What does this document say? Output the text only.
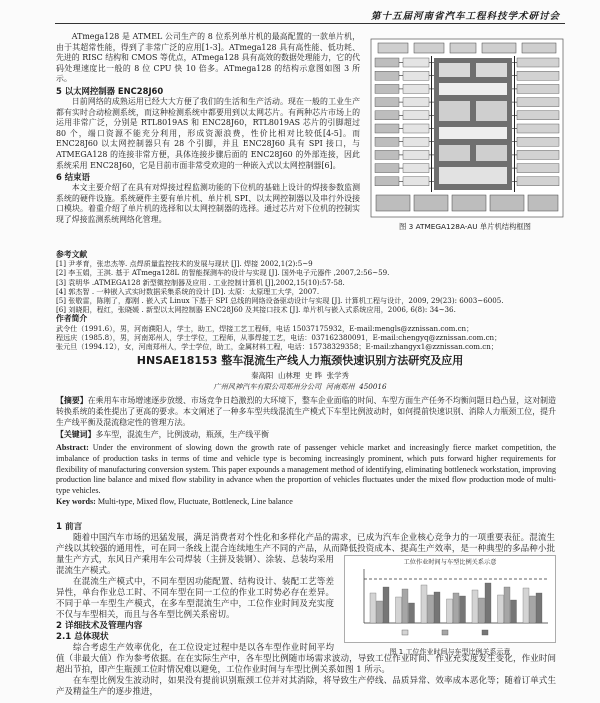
第十五届河南省汽车工程科技学术研讨会

ATmega128 是 ATMEL 公司生产的 8 位系列单片机的最高配置的一款单片机，由于其超常性能，得到了非常广泛的应用[1-3]。ATmega128 具有高性能、低功耗、先进的 RISC 结构和 CMOS 等优点，ATmega128 具有高效的数据处理能力，它的代码处理速度比一般的 8 位 CPU 快 10 倍多。ATmega128 的结构示意图如图 3 所示。

5 以太网控制器 ENC28J60

日前网络的成熟运用已经大大方便了我们的生活和生产活动。现在一般的工业生产都有实时合动检测系统，而这种检测系统中都要用到以太网芯片。有两种芯片市场上的运用非常广泛，分别是 RTL8019AS 和 ENC28J60，RTL8019AS 芯片的引脚超过 80 个，端口资源不能充分利用，形成资源浪费，性价比相对比较低[4-5]。而 ENC28J60 以太网控制器只有 28 个引脚，并且 ENC28J60 具有 SPI 接口，与 ATMEGA128 的连接非常方便，具体连接步骤后面的 ENC28J60 的外部连接，因此系统采用 ENC28J60，它是目前市面非常受欢迎的一种嵌入式以太网控制器[6]。

6 结束语

本文主要介绍了在具有对焊接过程监测功能的下位机的基础上设计的焊接参数监测系统的硬件设施。系统硬件主要有单片机、单片机 SPI、以太网控制器以及串行外设接口模块。着重介绍了单片机的选择和以太网控制器的选择。通过芯片对下位机的控制实现了焊接监测系统网络化管理。

图 3 ATMEGA128A-AU 单片机结构框图
参考文献
[1] 尹孝育，张忠杰等. 点焊质量监控技术的发展与现状 [J]. 焊接 2002,1(2):5~9
[2] 李玉娟，王淇. 基于 ATmega128L 的智能探测车的设计与实现 [J]. 国外电子元器件 ,2007,2:56~59.
[3] 袁明华 .ATMEGA128 新型微控制器及应用 . 工业控制计算机 [J],2002,15(10):57-58.
[4] 郭杰智 . 一种嵌入式实时数据采集系统的设计 [D]. 太原：太原理工大学，2007.
[5] 张敬雷，陈刚了，鄢刚 . 嵌入式 Linux 下基于 SPI 总线的网络设备驱动设计与实现 [J]. 计算机工程与设计，2009, 29(23): 6003~6005.
[6] 刘晓阳，程红，张晓媛 . 新型以太网控制器 ENC28J60 及其接口技术 [J]. 单片机与嵌入式系统应用，2006, 6(8): 34~36.
作者简介
武令仕（1991.6），男，河南濮阳人，学士，助工，焊接工艺工程师，电话 15037175932，E-mail:mengls@zznissan.com.cn；
程远庆（1985.8），男，河南郑州人，学士学位，工程师，从事焊接工艺，电话：037162380091，E-mail:chengyq@zznissan.com.cn；
张元旦（1994.12），女，河南郑州人，学士学位，助工，金属材料工程，电话：15738329358；E-mail:zhangyx1@zznissan.com.cn；
HNSAE18153 整车混流生产线人力瓶颈快速识别方法研究及应用
秦高阳  山林理  史 晔  张学秀
广州风神汽车有限公司郑州分公司  河南郑州  450016

【摘要】在乘用车市场增速逐步放缓、市场竞争日趋激烈的大环境下，整车企业面临的时间、车型方面生产任务不均衡问题日趋凸显，这对制造转换系统的柔性提出了更高的要求。本文阐述了一种多车型共线混流生产模式下车型比例波动时，如何提前快速识别、消除人力瓶颈工位，提升生产线平衡及混流稳定性的管理方法。

【关键词】多车型，混流生产，比例波动，瓶颈，生产线平衡

Abstract: Under the environment of slowing down the growth rate of passenger vehicle market and increasingly fierce market competition, the imbalance of production tasks in terms of time and vehicle type is becoming increasingly prominent, which puts forward higher requirements for flexibility of manufacturing conversion system. This paper expounds a management method of identifying, eliminating bottleneck workstation, improving production line balance and mixed flow stability in advance when the proportion of vehicles fluctuates under the mixed flow production mode of multi-type vehicles.

Key words: Multi-type, Mixed flow, Fluctuate, Bottleneck, Line balance

工位作业时间与车型比例关系示意
图 1 工位作业时间与车型比例关系示意
1 前言

随着中国汽车市场的迅猛发展，满足消费者对个性化和多样化产品的需求，已成为汽车企业核心竞争力的一项重要表征。混流生产线以其较强的通用性，可在同一条线上混合连续地生产不同的产品，从而降低投资成本、提高生产效率，是一种典型的多品种小批量生产方式，东风日产乘用车公司焊装（主拼及装钢）、涂装、总装均采用混流生产模式。

在混流生产模式中，不同车型因功能配置、结构设计、装配工艺等差异性，单台作业总工时、不同车型在同一工位的作业工时势必存在差异。不同于单一车型生产模式，在多车型混流生产中，工位作业时间及充实度不仅与车型相关，而且与各车型比例关系密切。

2 详细技术及管理内容
2.1 总体现状

综合考虑生产效率优化，在工位设定过程中是以各车型作业时间平均值（非最大值）作为参考依据。在在实际生产中，各车型比例随市场需求波动，导致工位作业时间、作业充实度发生变化，作业时间超出节拍，即产生瓶颈工位时情况难以避免，工位作业时间与车型比例关系如图 1 所示。

在车型比例发生波动时，如果没有提前识别瓶颈工位并对其消除，将导致生产停线、品质异常、效率成本恶化等；随着订单式生产及精益生产的逐步推进，
